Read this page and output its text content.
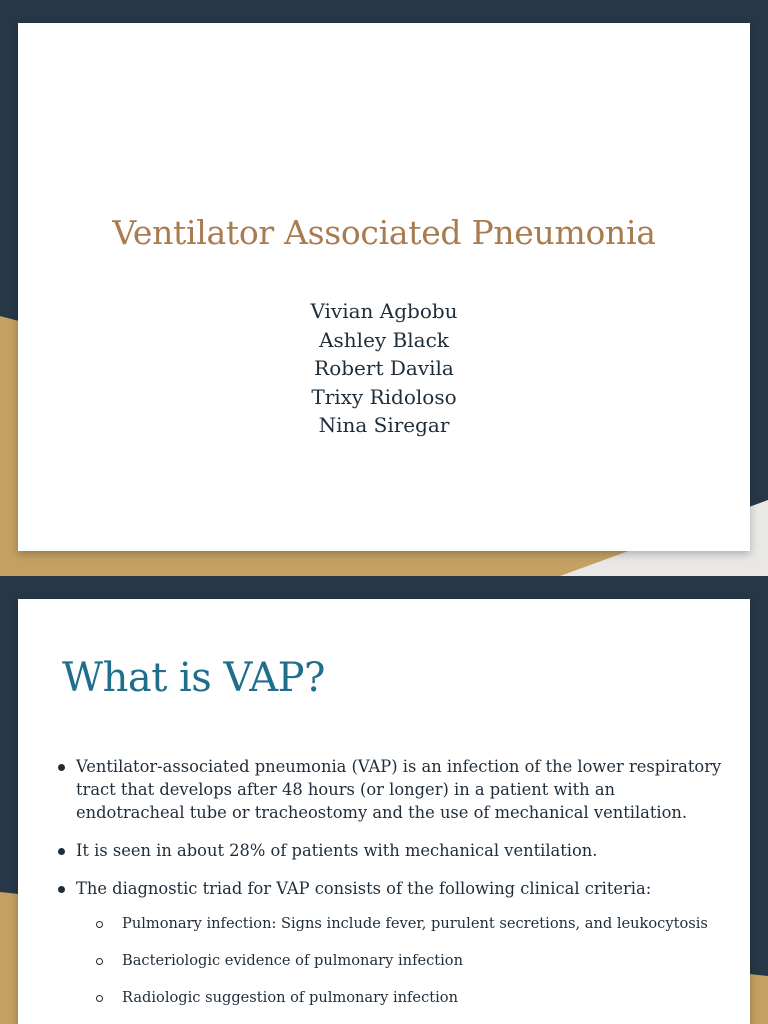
Ventilator Associated Pneumonia
Vivian Agbobu
Ashley Black
Robert Davila
Trixy Ridoloso
Nina Siregar
What is VAP?
Ventilator-associated pneumonia (VAP) is an infection of the lower respiratory tract that develops after 48 hours (or longer) in a patient with an endotracheal tube or tracheostomy and the use of mechanical ventilation.
It is seen in about 28% of patients with mechanical ventilation.
The diagnostic triad for VAP consists of the following clinical criteria:
Pulmonary infection: Signs include fever, purulent secretions, and leukocytosis
Bacteriologic evidence of pulmonary infection
Radiologic suggestion of pulmonary infection
